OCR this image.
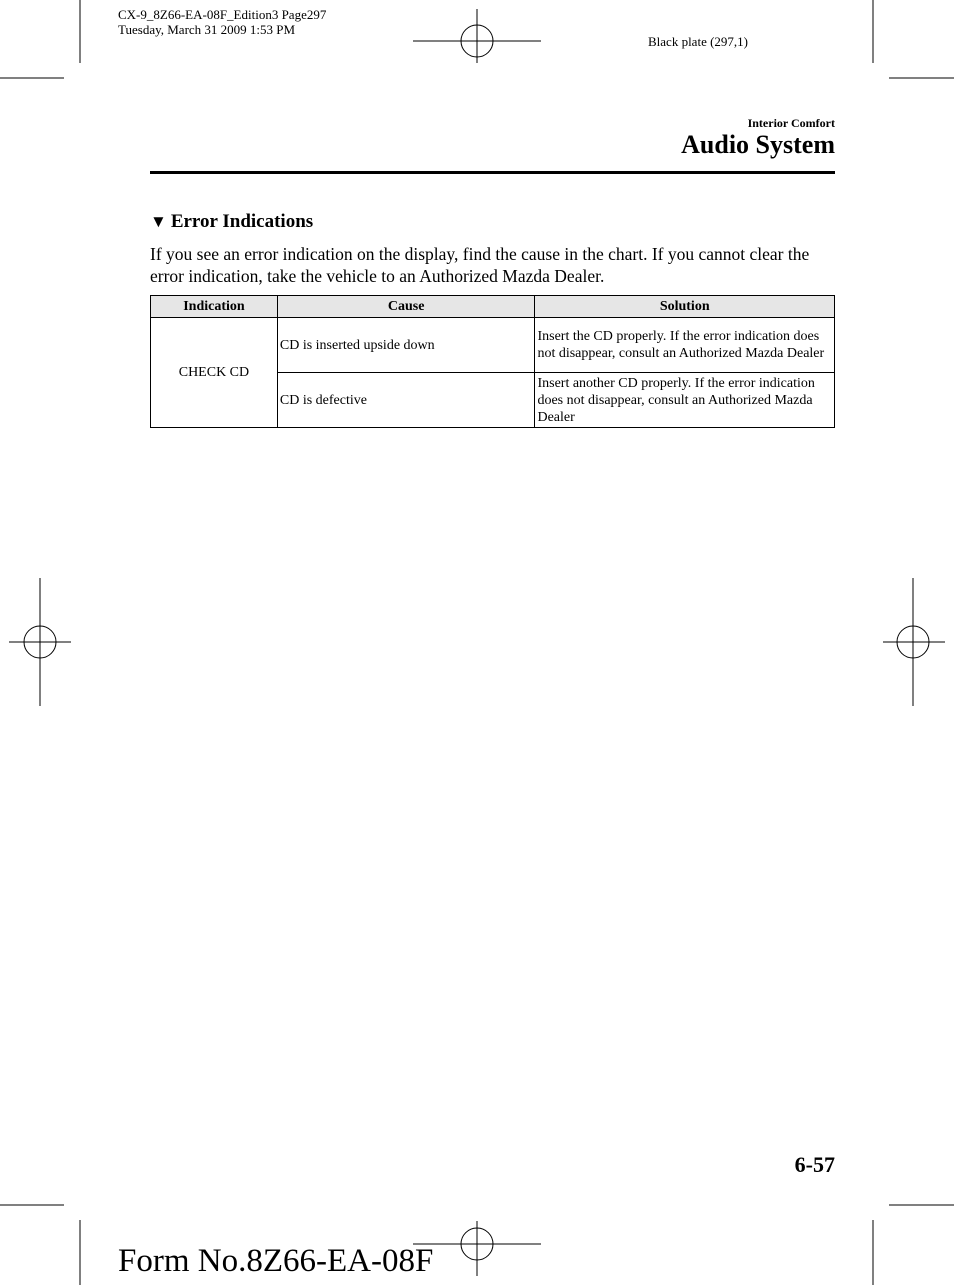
CX-9_8Z66-EA-08F_Edition3 Page297
Tuesday, March 31 2009 1:53 PM
Black plate (297,1)
Interior Comfort
Audio System
▼ Error Indications
If you see an error indication on the display, find the cause in the chart. If you cannot clear the error indication, take the vehicle to an Authorized Mazda Dealer.
Indication	Cause	Solution
CHECK CD	CD is inserted upside down	Insert the CD properly. If the error indication does not disappear, consult an Authorized Mazda Dealer
	CD is defective	Insert another CD properly. If the error indication does not disappear, consult an Authorized Mazda Dealer
6-57
Form No.8Z66-EA-08F
